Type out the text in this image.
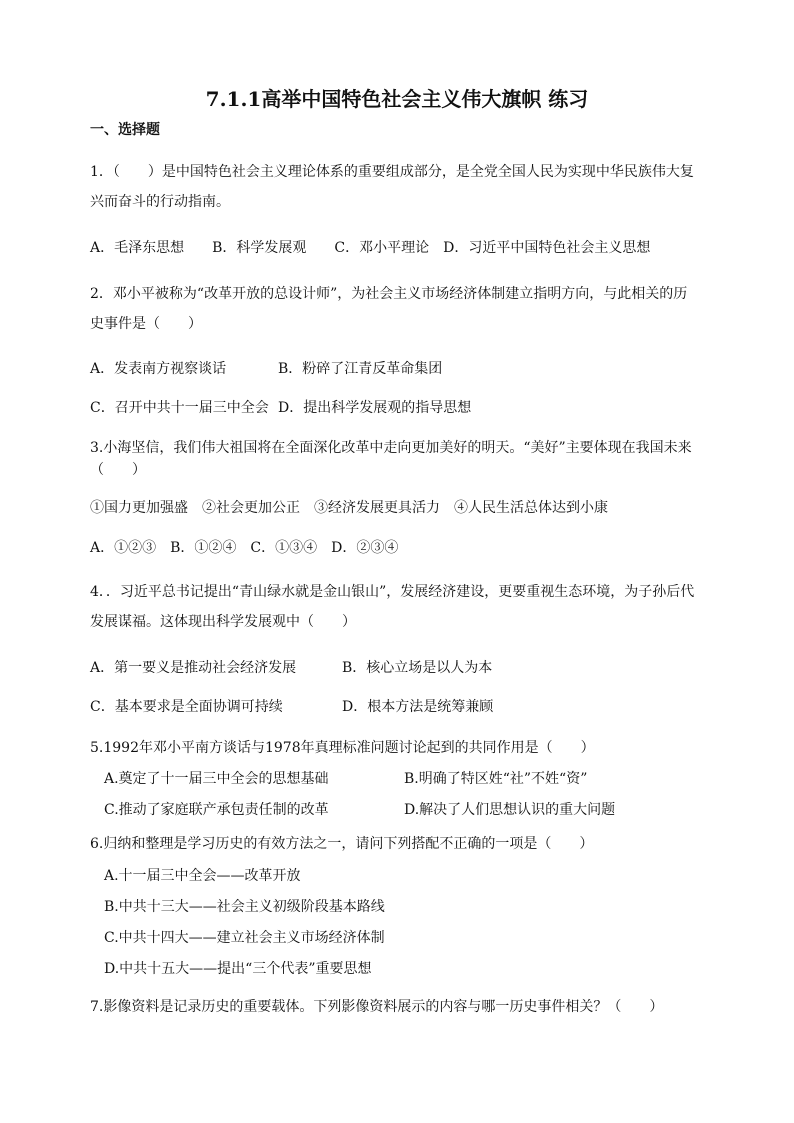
7.1.1高举中国特色社会主义伟大旗帜 练习
一、选择题
1．（　　）是中国特色社会主义理论体系的重要组成部分，是全党全国人民为实现中华民族伟大复
兴而奋斗的行动指南。
A．毛泽东思想　　B．科学发展观　　C．邓小平理论　D．习近平中国特色社会主义思想
2．邓小平被称为“改革开放的总设计师”，为社会主义市场经济体制建立指明方向，与此相关的历
史事件是（　　）
A．发表南方视察谈话	B．粉碎了江青反革命集团
C．召开中共十一届三中全会 D．提出科学发展观的指导思想
3.小海坚信，我们伟大祖国将在全面深化改革中走向更加美好的明天。“美好”主要体现在我国未来
（　　）
①国力更加强盛　②社会更加公正　③经济发展更具活力　④人民生活总体达到小康
A．①②③　B．①②④　C．①③④　D．②③④
4．．习近平总书记提出“青山绿水就是金山银山”，发展经济建设，更要重视生态环境，为子孙后代
发展谋福。这体现出科学发展观中（　　）
A．第一要义是推动社会经济发展	B．核心立场是以人为本
C．基本要求是全面协调可持续	D．根本方法是统筹兼顾
5.1992年邓小平南方谈话与1978年真理标准问题讨论起到的共同作用是（　　）
A.奠定了十一届三中全会的思想基础	B.明确了特区姓“社”不姓“资”
C.推动了家庭联产承包责任制的改革	D.解决了人们思想认识的重大问题
6.归纳和整理是学习历史的有效方法之一，请问下列搭配不正确的一项是（　　）
A.十一届三中全会——改革开放
B.中共十三大——社会主义初级阶段基本路线
C.中共十四大——建立社会主义市场经济体制
D.中共十五大——提出“三个代表”重要思想
7.影像资料是记录历史的重要载体。下列影像资料展示的内容与哪一历史事件相关？（　　）
